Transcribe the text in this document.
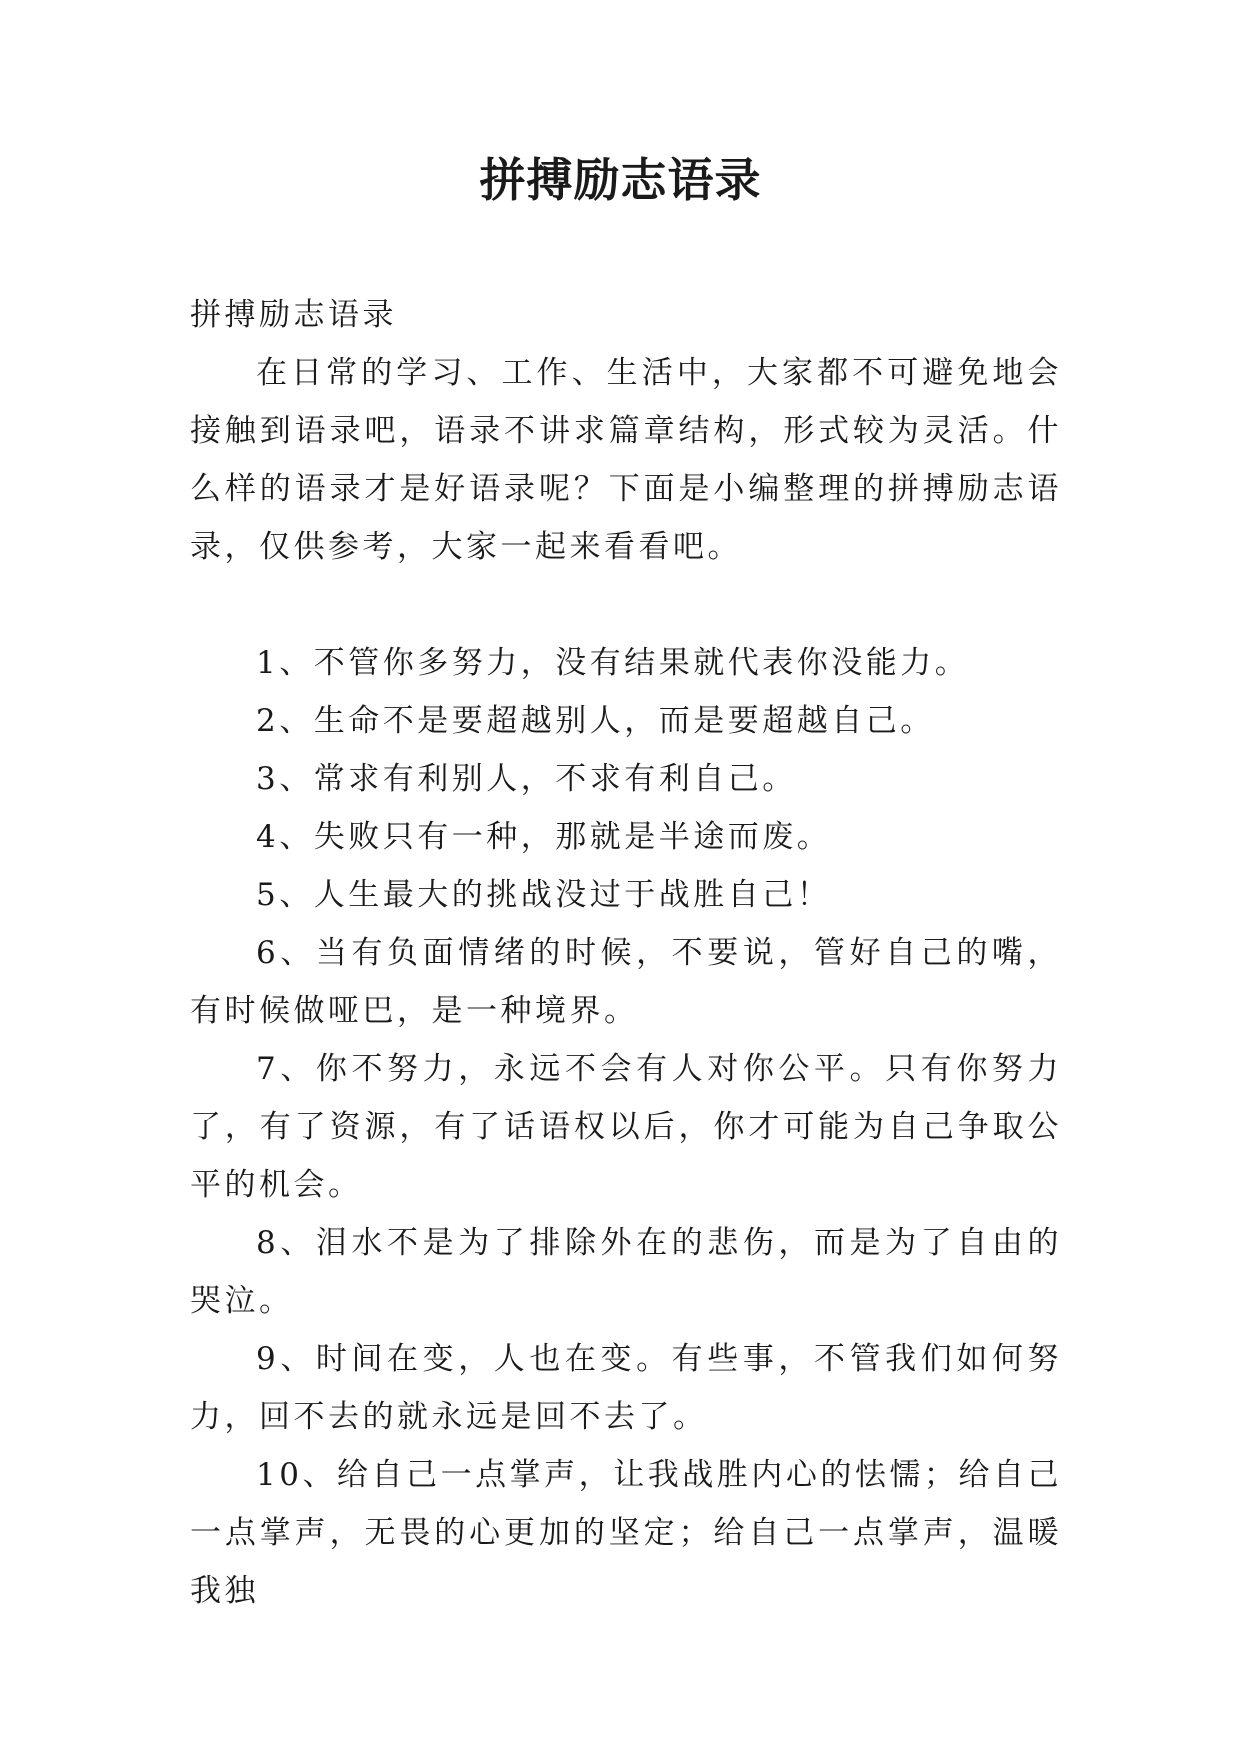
拼搏励志语录

拼搏励志语录

在日常的学习、工作、生活中，大家都不可避免地会接触到语录吧，语录不讲求篇章结构，形式较为灵活。什么样的语录才是好语录呢？下面是小编整理的拼搏励志语录，仅供参考，大家一起来看看吧。

1、不管你多努力，没有结果就代表你没能力。

2、生命不是要超越别人，而是要超越自己。

3、常求有利别人，不求有利自己。

4、失败只有一种，那就是半途而废。

5、人生最大的挑战没过于战胜自己！

6、当有负面情绪的时候，不要说，管好自己的嘴，有时候做哑巴，是一种境界。

7、你不努力，永远不会有人对你公平。只有你努力了，有了资源，有了话语权以后，你才可能为自己争取公平的机会。

8、泪水不是为了排除外在的悲伤，而是为了自由的哭泣。

9、时间在变，人也在变。有些事，不管我们如何努力，回不去的就永远是回不去了。

10、给自己一点掌声，让我战胜内心的怯懦；给自己一点掌声，无畏的心更加的坚定；给自己一点掌声，温暖我独
